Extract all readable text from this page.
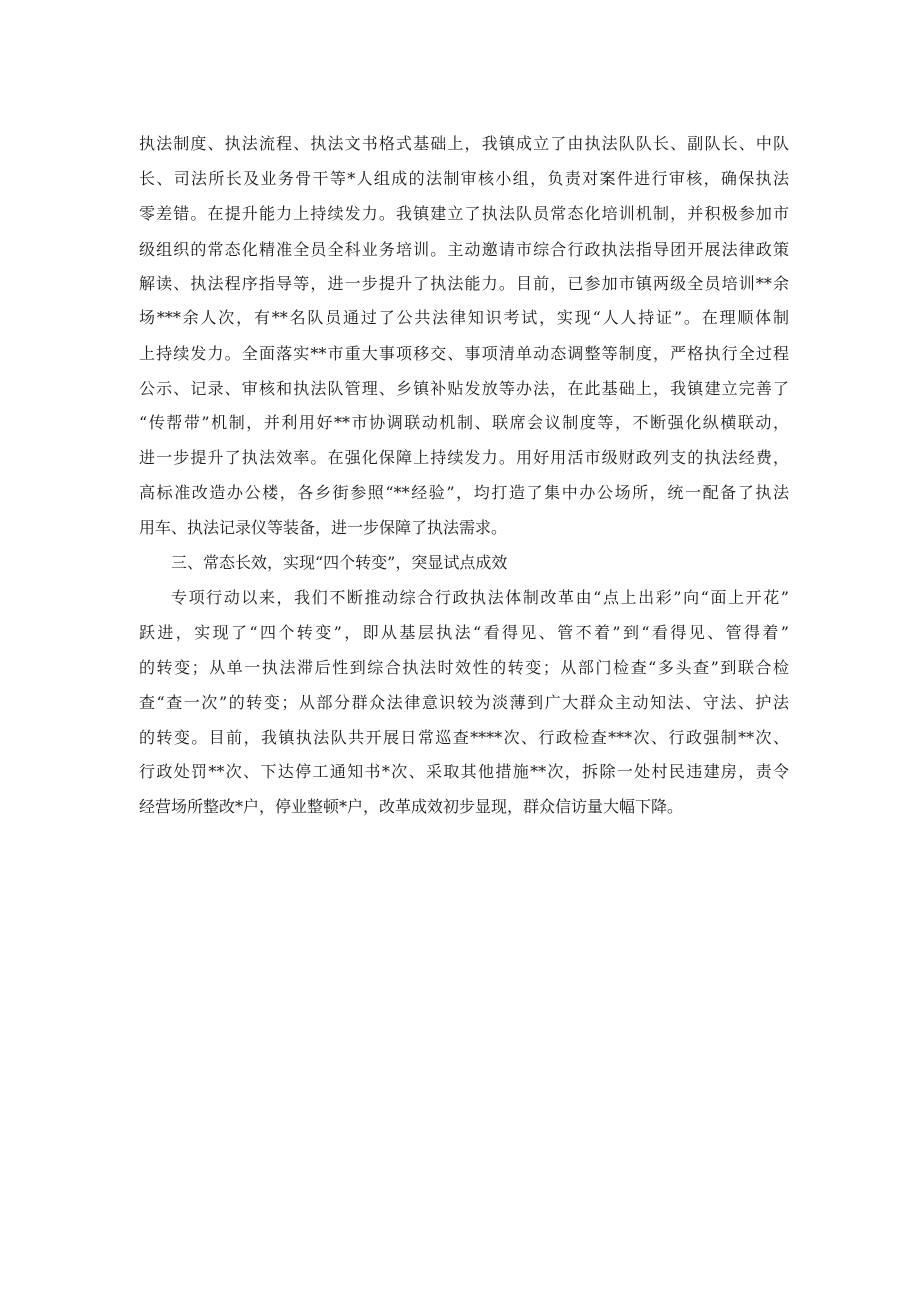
执法制度、执法流程、执法文书格式基础上，我镇成立了由执法队队长、副队长、中队
长、司法所长及业务骨干等*人组成的法制审核小组，负责对案件进行审核，确保执法
零差错。在提升能力上持续发力。我镇建立了执法队员常态化培训机制，并积极参加市
级组织的常态化精准全员全科业务培训。主动邀请市综合行政执法指导团开展法律政策
解读、执法程序指导等，进一步提升了执法能力。目前，已参加市镇两级全员培训**余
场***余人次，有**名队员通过了公共法律知识考试，实现“人人持证”。在理顺体制
上持续发力。全面落实**市重大事项移交、事项清单动态调整等制度，严格执行全过程
公示、记录、审核和执法队管理、乡镇补贴发放等办法，在此基础上，我镇建立完善了
“传帮带”机制，并利用好**市协调联动机制、联席会议制度等，不断强化纵横联动，
进一步提升了执法效率。在强化保障上持续发力。用好用活市级财政列支的执法经费，
高标准改造办公楼，各乡街参照“**经验”，均打造了集中办公场所，统一配备了执法
用车、执法记录仪等装备，进一步保障了执法需求。
三、常态长效，实现“四个转变”，突显试点成效
专项行动以来，我们不断推动综合行政执法体制改革由“点上出彩”向“面上开花”
跃进，实现了“四个转变”，即从基层执法“看得见、管不着”到“看得见、管得着”
的转变；从单一执法滞后性到综合执法时效性的转变；从部门检查“多头查”到联合检
查“查一次”的转变；从部分群众法律意识较为淡薄到广大群众主动知法、守法、护法
的转变。目前，我镇执法队共开展日常巡查****次、行政检查***次、行政强制**次、
行政处罚**次、下达停工通知书*次、采取其他措施**次，拆除一处村民违建房，责令
经营场所整改*户，停业整顿*户，改革成效初步显现，群众信访量大幅下降。
